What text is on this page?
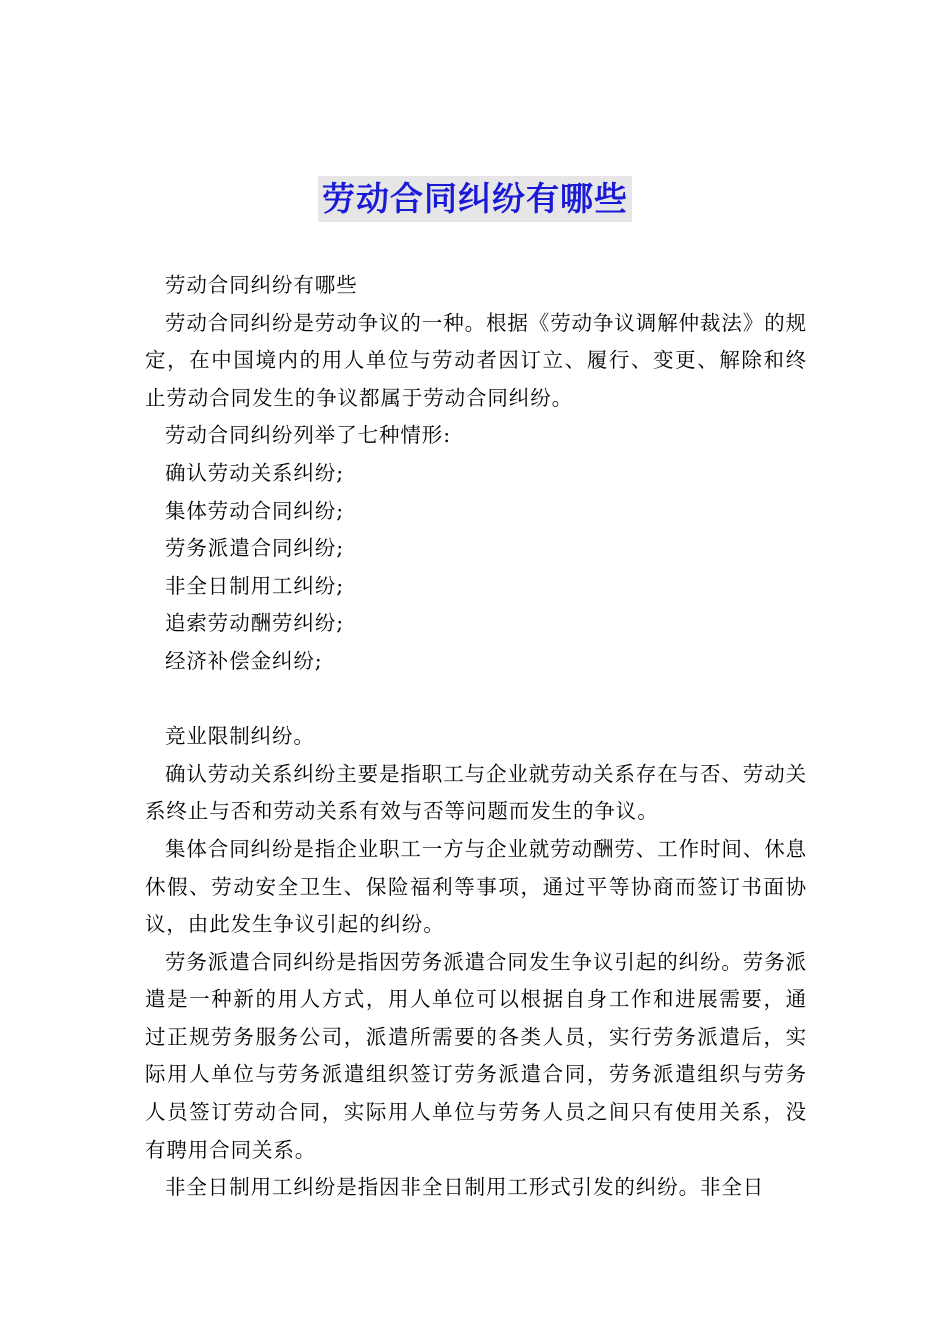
劳动合同纠纷有哪些

劳动合同纠纷有哪些

劳动合同纠纷是劳动争议的一种。根据《劳动争议调解仲裁法》的规定，在中国境内的用人单位与劳动者因订立、履行、变更、解除和终止劳动合同发生的争议都属于劳动合同纠纷。

劳动合同纠纷列举了七种情形:

确认劳动关系纠纷;

集体劳动合同纠纷;

劳务派遣合同纠纷;

非全日制用工纠纷;

追索劳动酬劳纠纷;

经济补偿金纠纷;

竞业限制纠纷。

确认劳动关系纠纷主要是指职工与企业就劳动关系存在与否、劳动关系终止与否和劳动关系有效与否等问题而发生的争议。

集体合同纠纷是指企业职工一方与企业就劳动酬劳、工作时间、休息休假、劳动安全卫生、保险福利等事项，通过平等协商而签订书面协议，由此发生争议引起的纠纷。

劳务派遣合同纠纷是指因劳务派遣合同发生争议引起的纠纷。劳务派遣是一种新的用人方式，用人单位可以根据自身工作和进展需要，通过正规劳务服务公司，派遣所需要的各类人员，实行劳务派遣后，实际用人单位与劳务派遣组织签订劳务派遣合同，劳务派遣组织与劳务人员签订劳动合同，实际用人单位与劳务人员之间只有使用关系，没有聘用合同关系。

非全日制用工纠纷是指因非全日制用工形式引发的纠纷。非全日
